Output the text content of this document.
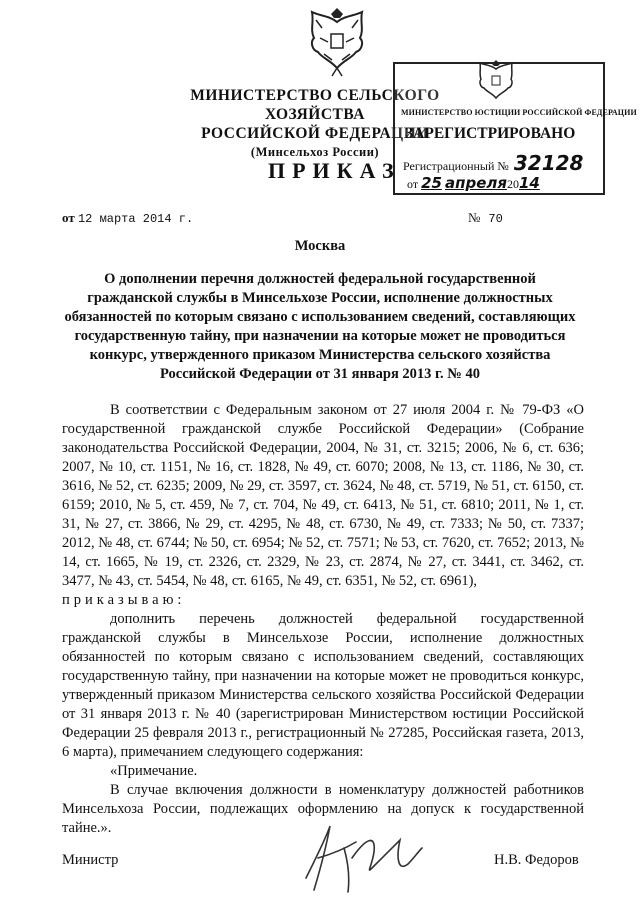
МИНИСТЕРСТВО СЕЛЬСКОГО ХОЗЯЙСТВА
РОССИЙСКОЙ ФЕДЕРАЦИИ
(Минсельхоз России)
ПРИКАЗ
МИНИСТЕРСТВО ЮСТИЦИИ РОССИЙСКОЙ ФЕДЕРАЦИИ
ЗАРЕГИСТРИРОВАНО
Регистрационный № 32128
от 25 апреля2014
от 12 марта 2014 г.	№ 70
Москва
О дополнении перечня должностей федеральной государственной гражданской службы в Минсельхозе России, исполнение должностных обязанностей по которым связано с использованием сведений, составляющих государственную тайну, при назначении на которые может не проводиться конкурс, утвержденного приказом Министерства сельского хозяйства Российской Федерации от 31 января 2013 г. № 40

В соответствии с Федеральным законом от 27 июля 2004 г. № 79-ФЗ «О государственной гражданской службе Российской Федерации» (Собрание законодательства Российской Федерации, 2004, № 31, ст. 3215; 2006, № 6, ст. 636; 2007, № 10, ст. 1151, № 16, ст. 1828, № 49, ст. 6070; 2008, № 13, ст. 1186, № 30, ст. 3616, № 52, ст. 6235; 2009, № 29, ст. 3597, ст. 3624, № 48, ст. 5719, № 51, ст. 6150, ст. 6159; 2010, № 5, ст. 459, № 7, ст. 704, № 49, ст. 6413, № 51, ст. 6810; 2011, № 1, ст. 31, № 27, ст. 3866, № 29, ст. 4295, № 48, ст. 6730, № 49, ст. 7333; № 50, ст. 7337; 2012, № 48, ст. 6744; № 50, ст. 6954; № 52, ст. 7571; № 53, ст. 7620, ст. 7652; 2013, № 14, ст. 1665, № 19, ст. 2326, ст. 2329, № 23, ст. 2874, № 27, ст. 3441, ст. 3462, ст. 3477, № 43, ст. 5454, № 48, ст. 6165, № 49, ст. 6351, № 52, ст. 6961),

приказываю:

дополнить перечень должностей федеральной государственной гражданской службы в Минсельхозе России, исполнение должностных обязанностей по которым связано с использованием сведений, составляющих государственную тайну, при назначении на которые может не проводиться конкурс, утвержденный приказом Министерства сельского хозяйства Российской Федерации от 31 января 2013 г. № 40 (зарегистрирован Министерством юстиции Российской Федерации 25 февраля 2013 г., регистрационный № 27285, Российская газета, 2013, 6 марта), примечанием следующего содержания:

«Примечание.

В случае включения должности в номенклатуру должностей работников Минсельхоза России, подлежащих оформлению на допуск к государственной тайне.».

Министр	Н.В. Федоров
